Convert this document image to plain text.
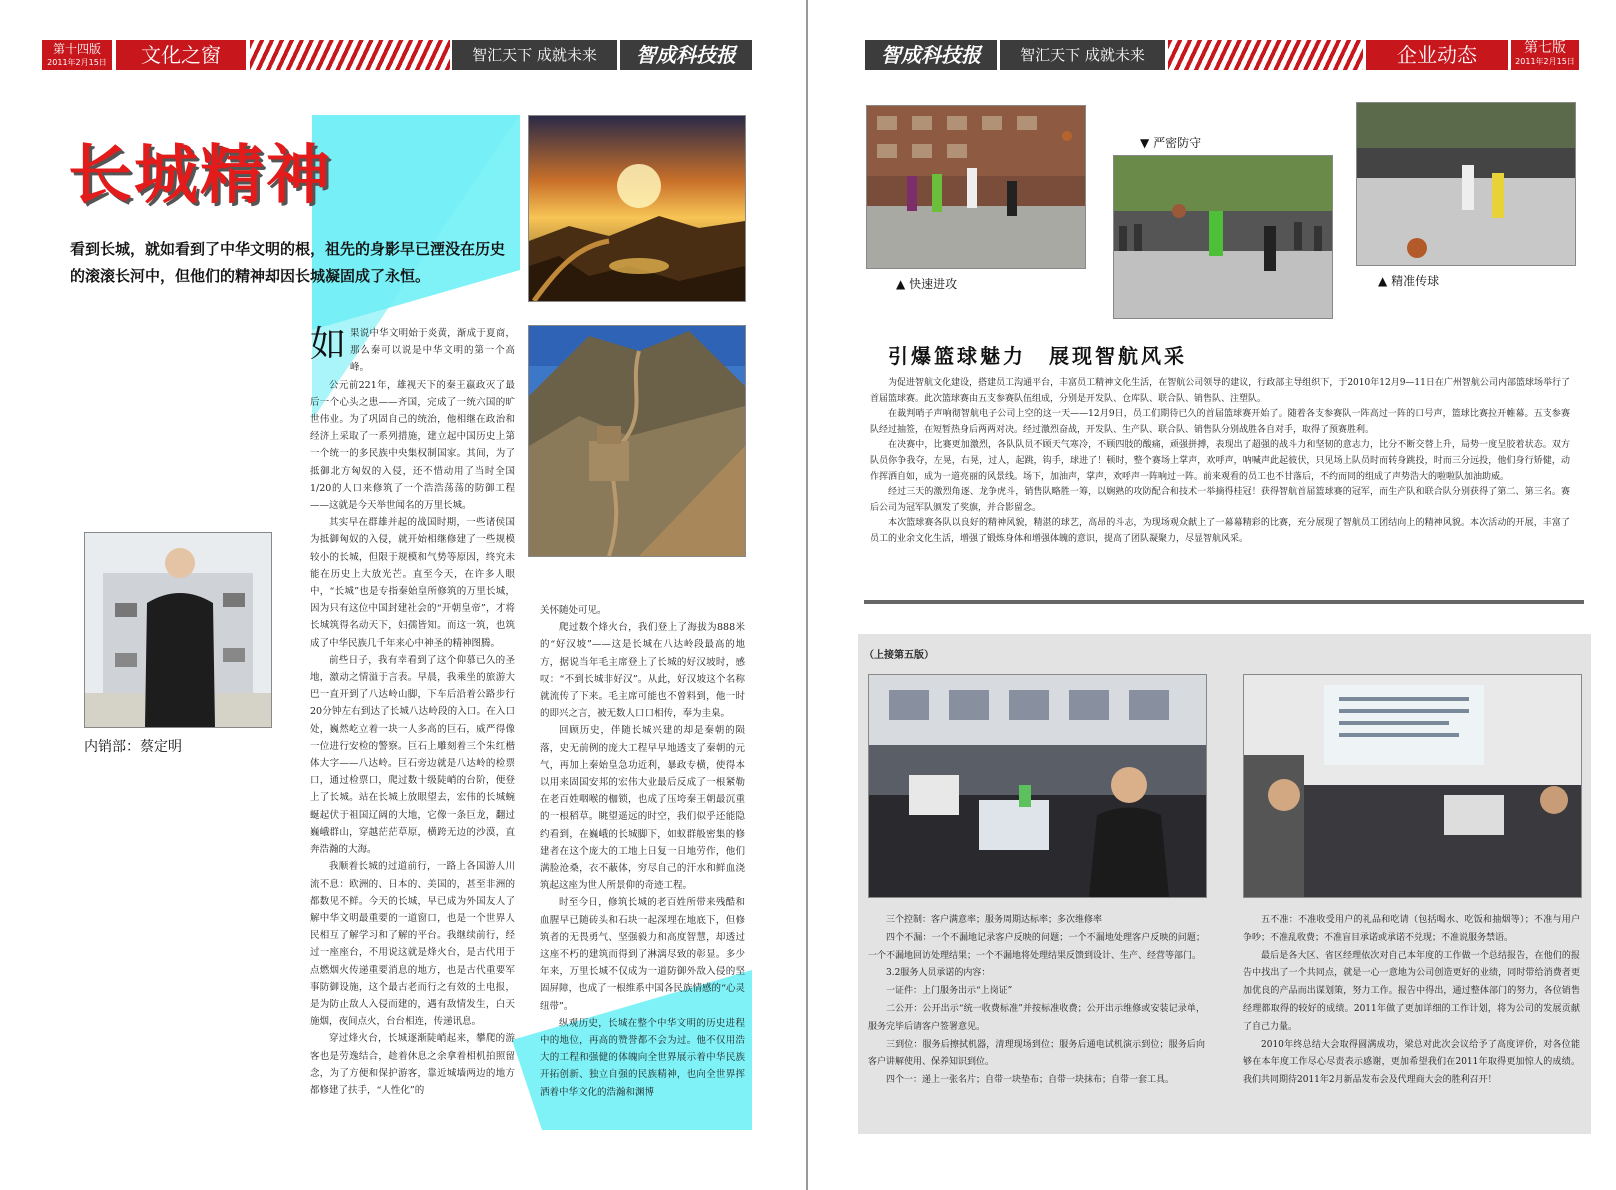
第十四版
2011年2月15日	文化之窗	智汇天下 成就未来	智成科技报
长城精神
看到长城，就如看到了中华文明的根，祖先的身影早已湮没在历史的滚滚长河中，但他们的精神却因长城凝固成了永恒。
内销部：蔡定明
如 果说中华文明始于炎黄，渐成于夏商，那么秦可以说是中华文明的第一个高峰。

公元前221年，雄视天下的秦王嬴政灭了最后一个心头之患——齐国，完成了一统六国的旷世伟业。为了巩固自己的统治，他相继在政治和经济上采取了一系列措施，建立起中国历史上第一个统一的多民族中央集权制国家。其间，为了抵御北方匈奴的入侵，还不惜动用了当时全国1/20的人口来修筑了一个浩浩荡荡的防御工程——这就是今天举世闻名的万里长城。

其实早在群雄并起的战国时期，一些诸侯国为抵御匈奴的入侵，就开始相继修建了一些规模较小的长城，但限于规模和气势等原因，终究未能在历史上大放光芒。直至今天，在许多人眼中，“长城”也是专指秦始皇所修筑的万里长城，因为只有这位中国封建社会的“开朝皇帝”，才将长城筑得名动天下，妇孺皆知。而这一筑，也筑成了中华民族几千年来心中神圣的精神图腾。

前些日子，我有幸看到了这个仰慕已久的圣地，激动之情溢于言表。早晨，我乘坐的旅游大巴一直开到了八达岭山脚，下车后沿着公路步行20分钟左右到达了长城八达岭段的入口。在入口处，巍然屹立着一块一人多高的巨石，威严得像一位进行安检的警察。巨石上雕刻着三个朱红楷体大字——八达岭。巨石旁边就是八达岭的检票口，通过检票口，爬过数十级陡峭的台阶，便登上了长城。站在长城上放眼望去，宏伟的长城蜿蜒起伏于祖国辽阔的大地，它像一条巨龙，翻过巍峨群山，穿越茫茫草原，横跨无边的沙漠，直奔浩瀚的大海。

我顺着长城的过道前行，一路上各国游人川流不息：欧洲的、日本的、美国的，甚至非洲的都数见不鲜。今天的长城，早已成为外国友人了解中华文明最重要的一道窗口，也是一个世界人民相互了解学习和了解的平台。我继续前行，经过一座座台，不用说这就是烽火台，是古代用于点燃烟火传递重要消息的地方，也是古代重要军事防御设施，这个最古老而行之有效的土电报，是为防止敌人入侵而建的，遇有敌情发生，白天施烟，夜间点火，台台相连，传递讯息。

穿过烽火台，长城逐渐陡峭起来，攀爬的游客也是劳逸结合，趁着休息之余拿着相机拍照留念，为了方便和保护游客，靠近城墙两边的地方都修建了扶手，“人性化”的

关怀随处可见。

爬过数个烽火台，我们登上了海拔为888米的“好汉坡”——这是长城在八达岭段最高的地方，据说当年毛主席登上了长城的好汉坡时，感叹：“不到长城非好汉”。从此，好汉坡这个名称就流传了下来。毛主席可能也不曾料到，他一时的即兴之言，被无数人口口相传，奉为圭臬。

回顾历史，伴随长城兴建的却是秦朝的陨落，史无前例的庞大工程早早地透支了秦朝的元气，再加上秦始皇急功近利，暴政专横，使得本以用来固国安邦的宏伟大业最后反成了一根紧勒在老百姓咽喉的枷锁，也成了压垮秦王朝最沉重的一根稻草。眺望遥远的时空，我们似乎还能隐约看到，在巍峨的长城脚下，如蚁群般密集的修建者在这个庞大的工地上日复一日地劳作，他们满脸沧桑，衣不蔽体，穷尽自己的汗水和鲜血浇筑起这座为世人所景仰的奇迹工程。

时至今日，修筑长城的老百姓所带来残酷和血腥早已随砖头和石块一起深埋在地底下，但修筑者的无畏勇气、坚强毅力和高度智慧，却透过这座不朽的建筑而得到了淋漓尽致的彰显。多少年来，万里长城不仅成为一道防御外敌入侵的坚固屏障，也成了一根维系中国各民族情感的“心灵纽带”。

纵观历史，长城在整个中华文明的历史进程中的地位，再高的赞誉都不会为过。他不仅用浩大的工程和强健的体魄向全世界展示着中华民族开拓创新、独立自强的民族精神，也向全世界挥洒着中华文化的浩瀚和渊博

智成科技报	智汇天下 成就未来	企业动态	第七版
2011年2月15日
▲ 快速进攻
▼ 严密防守
▲ 精准传球
引爆篮球魅力　展现智航风采

为促进智航文化建设，搭建员工沟通平台，丰富员工精神文化生活，在智航公司领导的建议，行政部主导组织下，于2010年12月9—11日在广州智航公司内部篮球场举行了首届篮球赛。此次篮球赛由五支参赛队伍组成，分别是开发队、仓库队、联合队、销售队、注塑队。

在裁判哨子声响彻智航电子公司上空的这一天——12月9日，员工们期待已久的首届篮球赛开始了。随着各支参赛队一阵高过一阵的口号声，篮球比赛拉开帷幕。五支参赛队经过抽签，在短暂热身后两两对决。经过激烈奋战，开发队、生产队、联合队、销售队分别战胜各自对手，取得了预赛胜利。

在决赛中，比赛更加激烈，各队队员不顾天气寒冷，不顾四肢的酸痛，顽强拼搏，表现出了超强的战斗力和坚韧的意志力，比分不断交替上升，局势一度呈胶着状态。双方队员你争我夺，左晃，右晃，过人，起跳，钩手，球进了！顿时，整个赛场上掌声，欢呼声，呐喊声此起彼伏，只见场上队员时而转身跳投，时而三分远投，他们身行矫健，动作挥洒自如，成为一道亮丽的风景线。场下，加油声，掌声，欢呼声一阵响过一阵。前来观看的员工也不甘落后，不约而同的组成了声势浩大的啦啦队加油助威。

经过三天的激烈角逐、龙争虎斗，销售队略胜一筹，以娴熟的攻防配合和技术一举摘得桂冠！获得智航首届篮球赛的冠军，而生产队和联合队分别获得了第二、第三名。赛后公司为冠军队颁发了奖旗，并合影留念。

本次篮球赛各队以良好的精神风貌，精湛的球艺，高昂的斗志，为现场观众献上了一幕幕精彩的比赛，充分展现了智航员工团结向上的精神风貌。本次活动的开展，丰富了员工的业余文化生活，增强了锻炼身体和增强体魄的意识，提高了团队凝聚力，尽显智航风采。

（上接第五版）

三个控制：客户满意率；服务周期达标率；多次维修率

四个不漏：一个不漏地记录客户反映的问题；一个不漏地处理客户反映的问题；一个不漏地回访处理结果；一个不漏地将处理结果反馈到设计、生产、经营等部门。

3.2服务人员承诺的内容：

一证件：上门服务出示“上岗证”

二公开：公开出示“统一收费标准”并按标准收费；公开出示维修或安装记录单，服务完毕后请客户签署意见。

三到位：服务后擦拭机器，清理现场到位；服务后通电试机演示到位；服务后向客户讲解使用、保养知识到位。

四个一：递上一张名片；自带一块垫布；自带一块抹布；自带一套工具。

五不准：不准收受用户的礼品和吃请（包括喝水、吃饭和抽烟等）；不准与用户争吵；不准乱收费；不准盲目承诺或承诺不兑现；不准说服务禁语。

最后是各大区、省区经理依次对自己本年度的工作做一个总结报告，在他们的报告中找出了一个共同点，就是一心一意地为公司创造更好的业绩，同时带给消费者更加优良的产品而出谋划策，努力工作。报告中得出，通过整体部门的努力，各位销售经理都取得的较好的成绩。2011年做了更加详细的工作计划，将为公司的发展贡献了自己力量。

2010年终总结大会取得圆满成功，梁总对此次会议给予了高度评价，对各位能够在本年度工作尽心尽责表示感谢，更加希望我们在2011年取得更加惊人的成绩。我们共同期待2011年2月新品发布会及代理商大会的胜利召开！
